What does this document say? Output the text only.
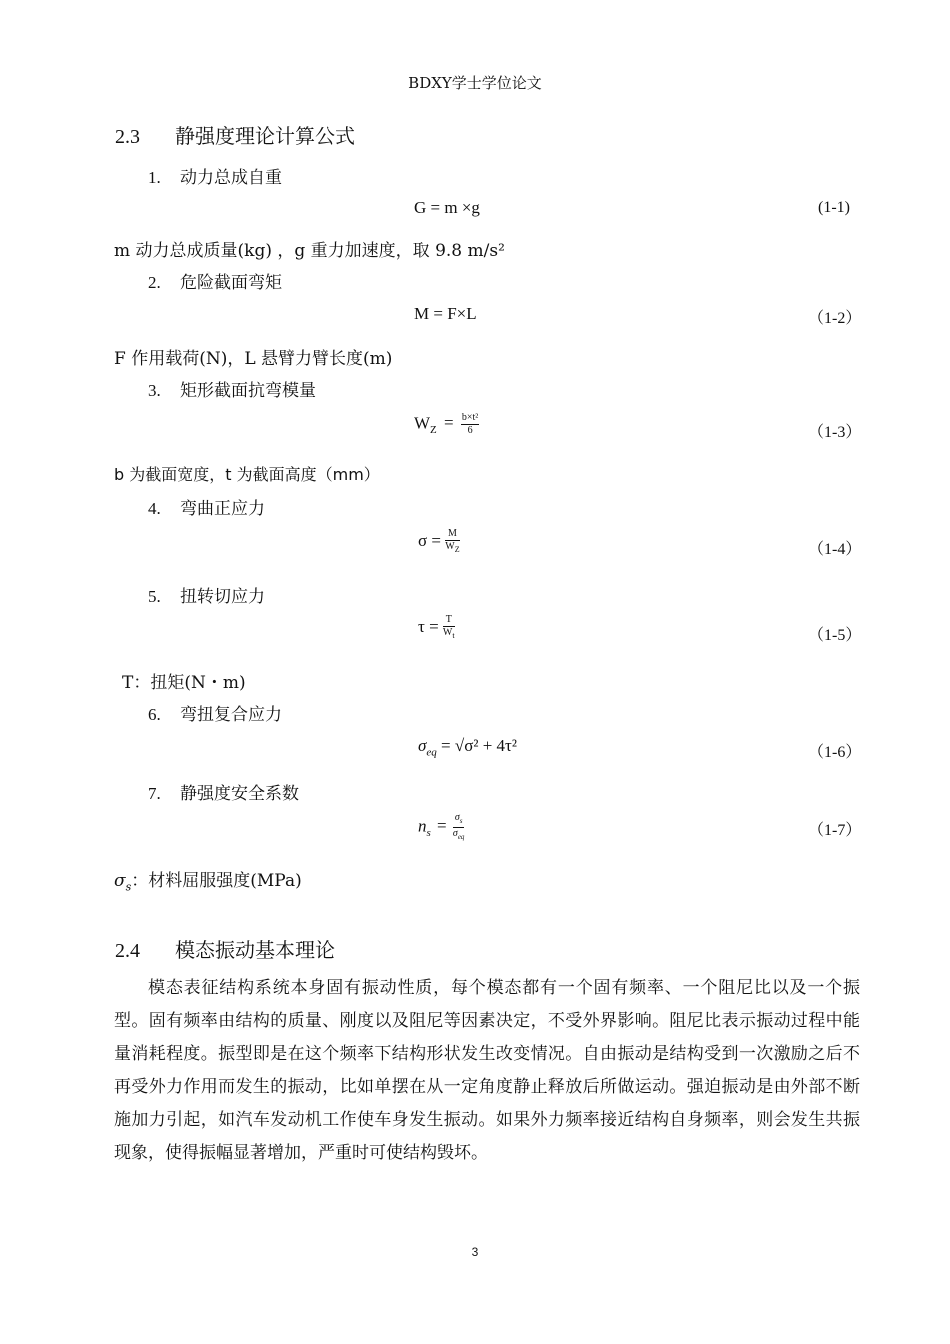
BDXY学士学位论文
2.3 静强度理论计算公式
1. 动力总成自重
G = m ×g	(1-1)
m 动力总成质量(kg) ，g 重力加速度，取 9.8 m/s²
2. 危险截面弯矩
M = F×L	（1-2）
F 作用载荷(N)，L 悬臂力臂长度(m)
3. 矩形截面抗弯模量
$W_Z = \frac{\text{b×t²}}{6}$	（1-3）
b 为截面宽度，t 为截面高度（mm）
4. 弯曲正应力
$\sigma = \frac{M}{W_Z}$	（1-4）
5. 扭转切应力
$\tau = \frac{T}{W_t}$	（1-5）
T：扭矩(N・m)
6. 弯扭复合应力
$\sigma_{eq} = √\sigma^2 + 4\tau^2$	（1-6）
7. 静强度安全系数
$n_s = \frac{\sigma_s}{\sigma_{eq}}$	（1-7）
$\sigma_s$：材料屈服强度(MPa)
2.4 模态振动基本理论
模态表征结构系统本身固有振动性质，每个模态都有一个固有频率、一个阻尼比以及一个振型。固有频率由结构的质量、刚度以及阻尼等因素决定，不受外界影响。阻尼比表示振动过程中能量消耗程度。振型即是在这个频率下结构形状发生改变情况。自由振动是结构受到一次激励之后不再受外力作用而发生的振动，比如单摆在从一定角度静止释放后所做运动。强迫振动是由外部不断施加力引起，如汽车发动机工作使车身发生振动。如果外力频率接近结构自身频率，则会发生共振现象，使得振幅显著增加，严重时可使结构毁坏。
3
